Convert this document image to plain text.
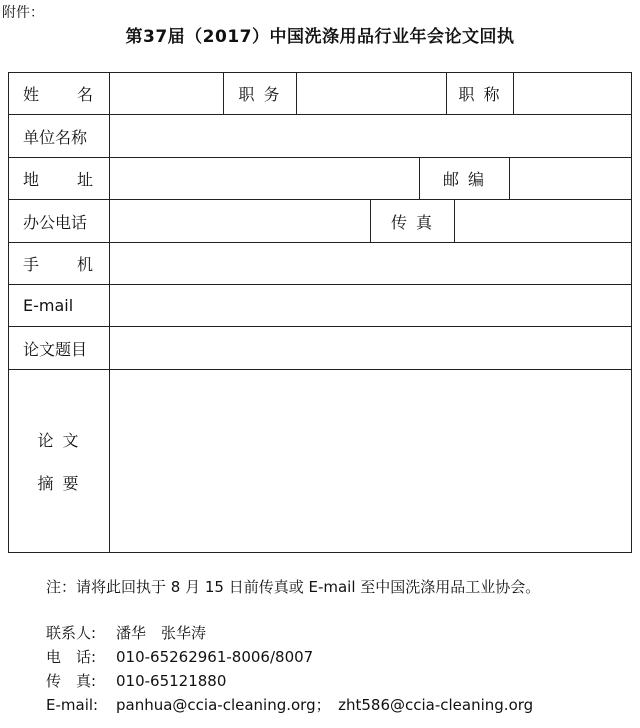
附件：
第37届（2017）中国洗涤用品行业年会论文回执
姓　　名	职 务	职 称
单位名称
地　　址	邮 编
办公电话	传 真
手　　机
E-mail
论文题目
论 文
摘 要
注：请将此回执于 8 月 15 日前传真或 E-mail 至中国洗涤用品工业协会。
联系人: 潘华　张华涛
电　话: 010-65262961-8006/8007
传　真: 010-65121880
E-mail: panhua@ccia-cleaning.org；　zht586@ccia-cleaning.org
